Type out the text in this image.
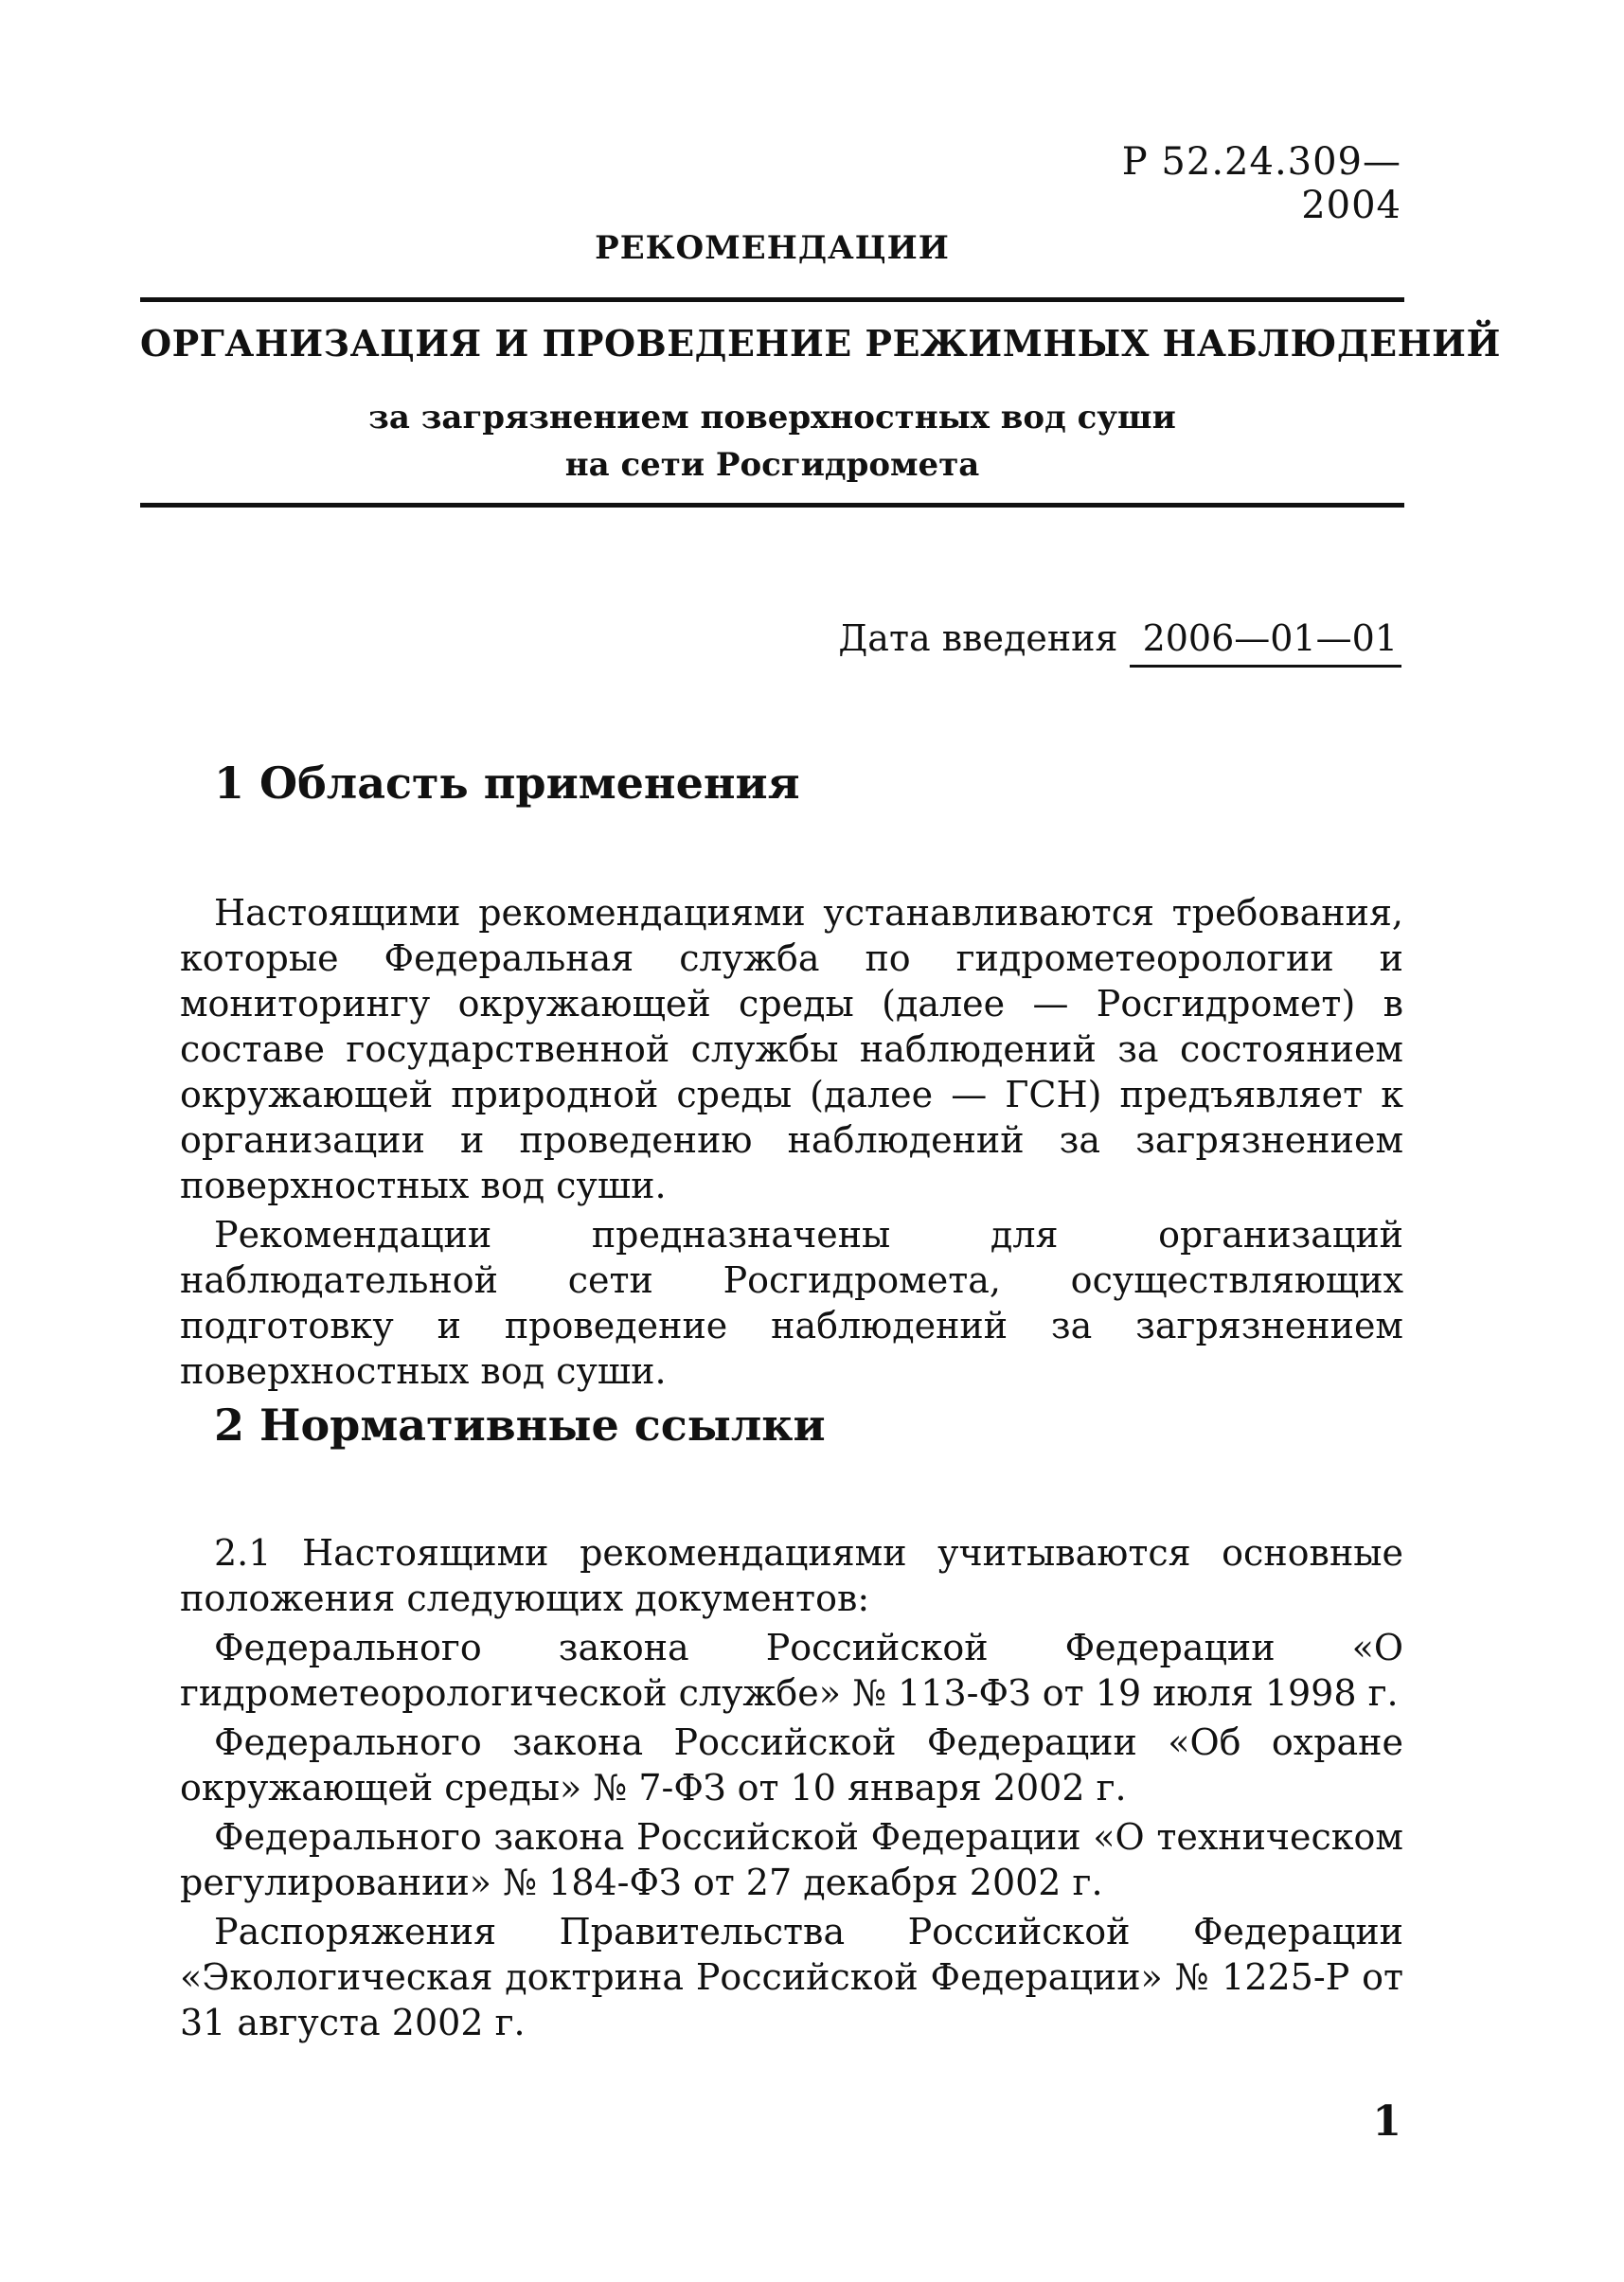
Р 52.24.309—2004
РЕКОМЕНДАЦИИ
ОРГАНИЗАЦИЯ И ПРОВЕДЕНИЕ РЕЖИМНЫХ НАБЛЮДЕНИЙ
за загрязнением поверхностных вод суши
на сети Росгидромета
Дата введения 2006—01—01
1 Область применения

Настоящими рекомендациями устанавливаются требования, которые Федеральная служба по гидрометеорологии и мониторингу окружающей среды (далее — Росгидромет) в составе государственной службы наблюдений за состоянием окружающей природной среды (далее — ГСН) предъявляет к организации и проведению наблюдений за загрязнением поверхностных вод суши.

Рекомендации предназначены для организаций наблюдательной сети Росгидромета, осуществляющих подготовку и проведение наблюдений за загрязнением поверхностных вод суши.

2 Нормативные ссылки

2.1 Настоящими рекомендациями учитываются основные положения следующих документов:

Федерального закона Российской Федерации «О гидрометеорологической службе» № 113-ФЗ от 19 июля 1998 г.

Федерального закона Российской Федерации «Об охране окружающей среды» № 7-ФЗ от 10 января 2002 г.

Федерального закона Российской Федерации «О техническом регулировании» № 184-ФЗ от 27 декабря 2002 г.

Распоряжения Правительства Российской Федерации «Экологическая доктрина Российской Федерации» № 1225-Р от 31 августа 2002 г.

1
